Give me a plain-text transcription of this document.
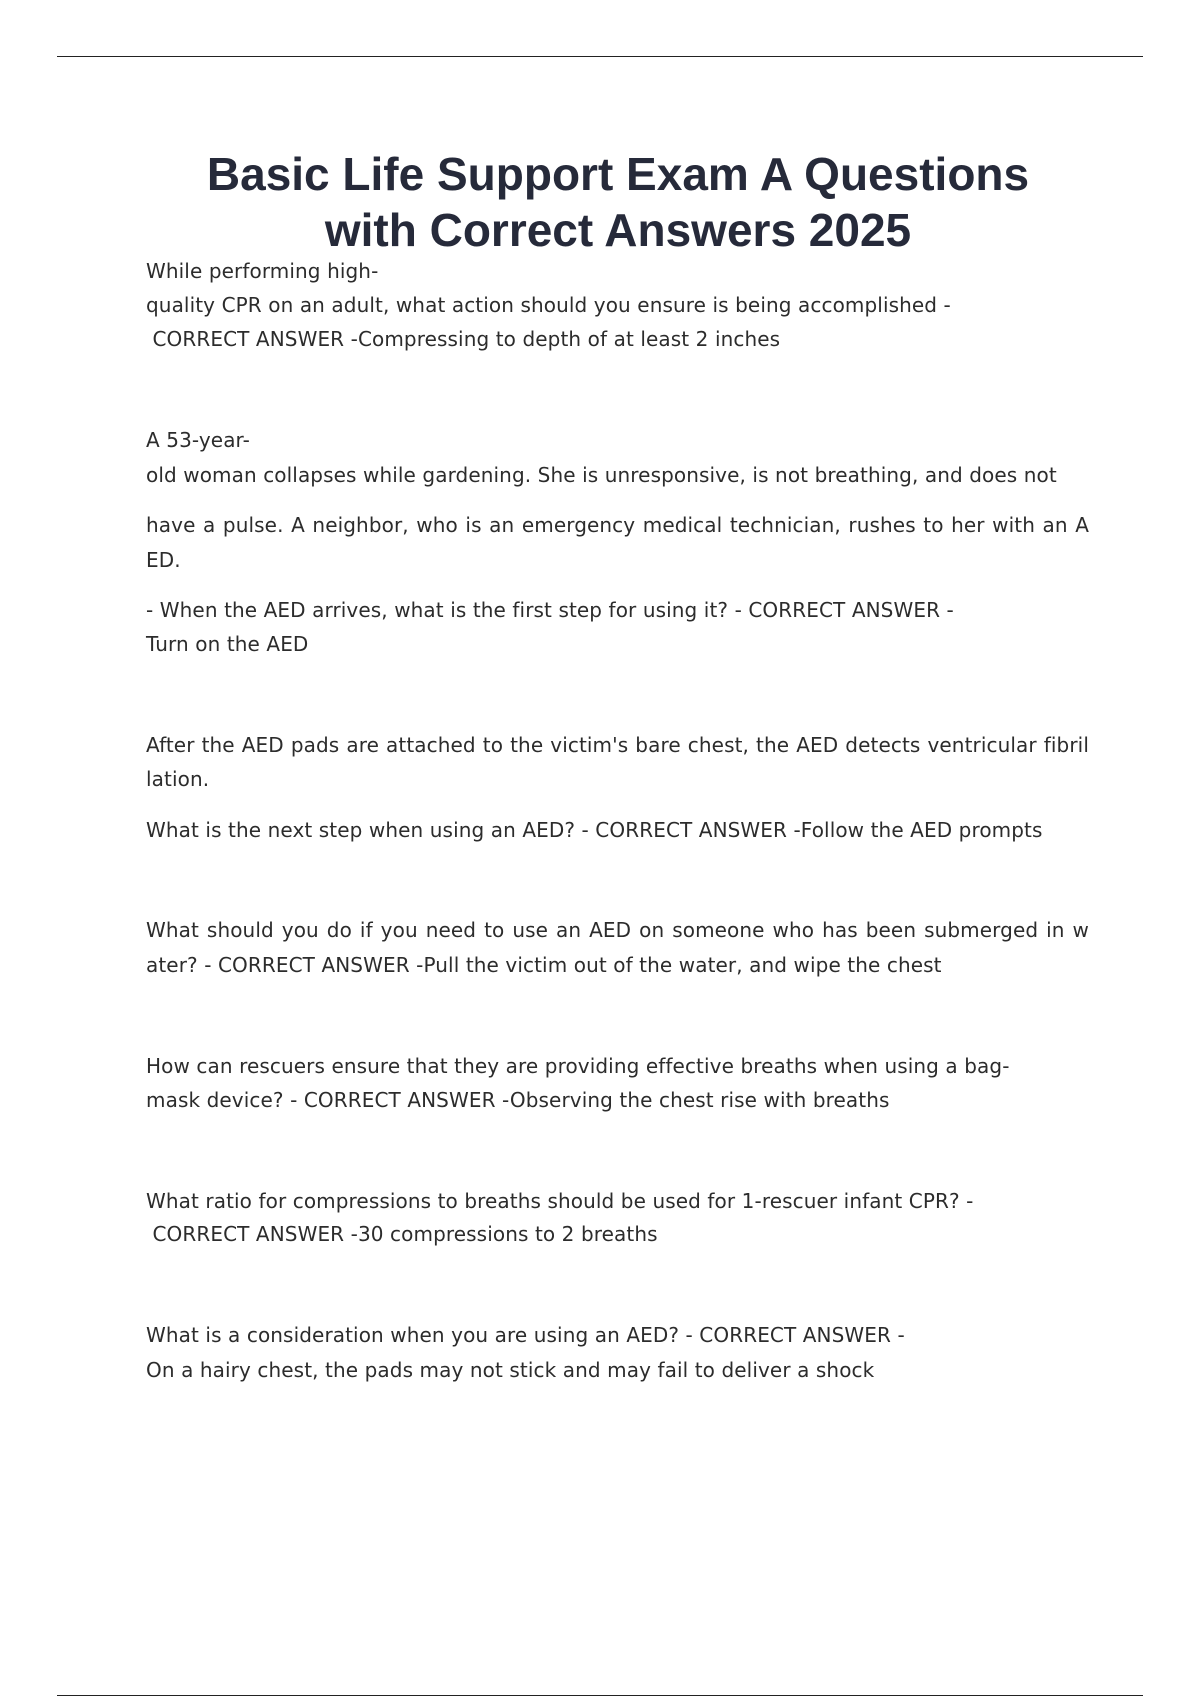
Basic Life Support Exam A Questions
with Correct Answers 2025

While performing high-

quality CPR on an adult, what action should you ensure is being accomplished -

CORRECT ANSWER -Compressing to depth of at least 2 inches

A 53-year-

old woman collapses while gardening. She is unresponsive, is not breathing, and does not

have a pulse. A neighbor, who is an emergency medical technician, rushes to her with an A

ED.

- When the AED arrives, what is the first step for using it? - CORRECT ANSWER -

Turn on the AED

After the AED pads are attached to the victim's bare chest, the AED detects ventricular fibril

lation.

What is the next step when using an AED? - CORRECT ANSWER -Follow the AED prompts

What should you do if you need to use an AED on someone who has been submerged in w

ater? - CORRECT ANSWER -Pull the victim out of the water, and wipe the chest

How can rescuers ensure that they are providing effective breaths when using a bag-

mask device? - CORRECT ANSWER -Observing the chest rise with breaths

What ratio for compressions to breaths should be used for 1-rescuer infant CPR? -

CORRECT ANSWER -30 compressions to 2 breaths

What is a consideration when you are using an AED? - CORRECT ANSWER -

On a hairy chest, the pads may not stick and may fail to deliver a shock
